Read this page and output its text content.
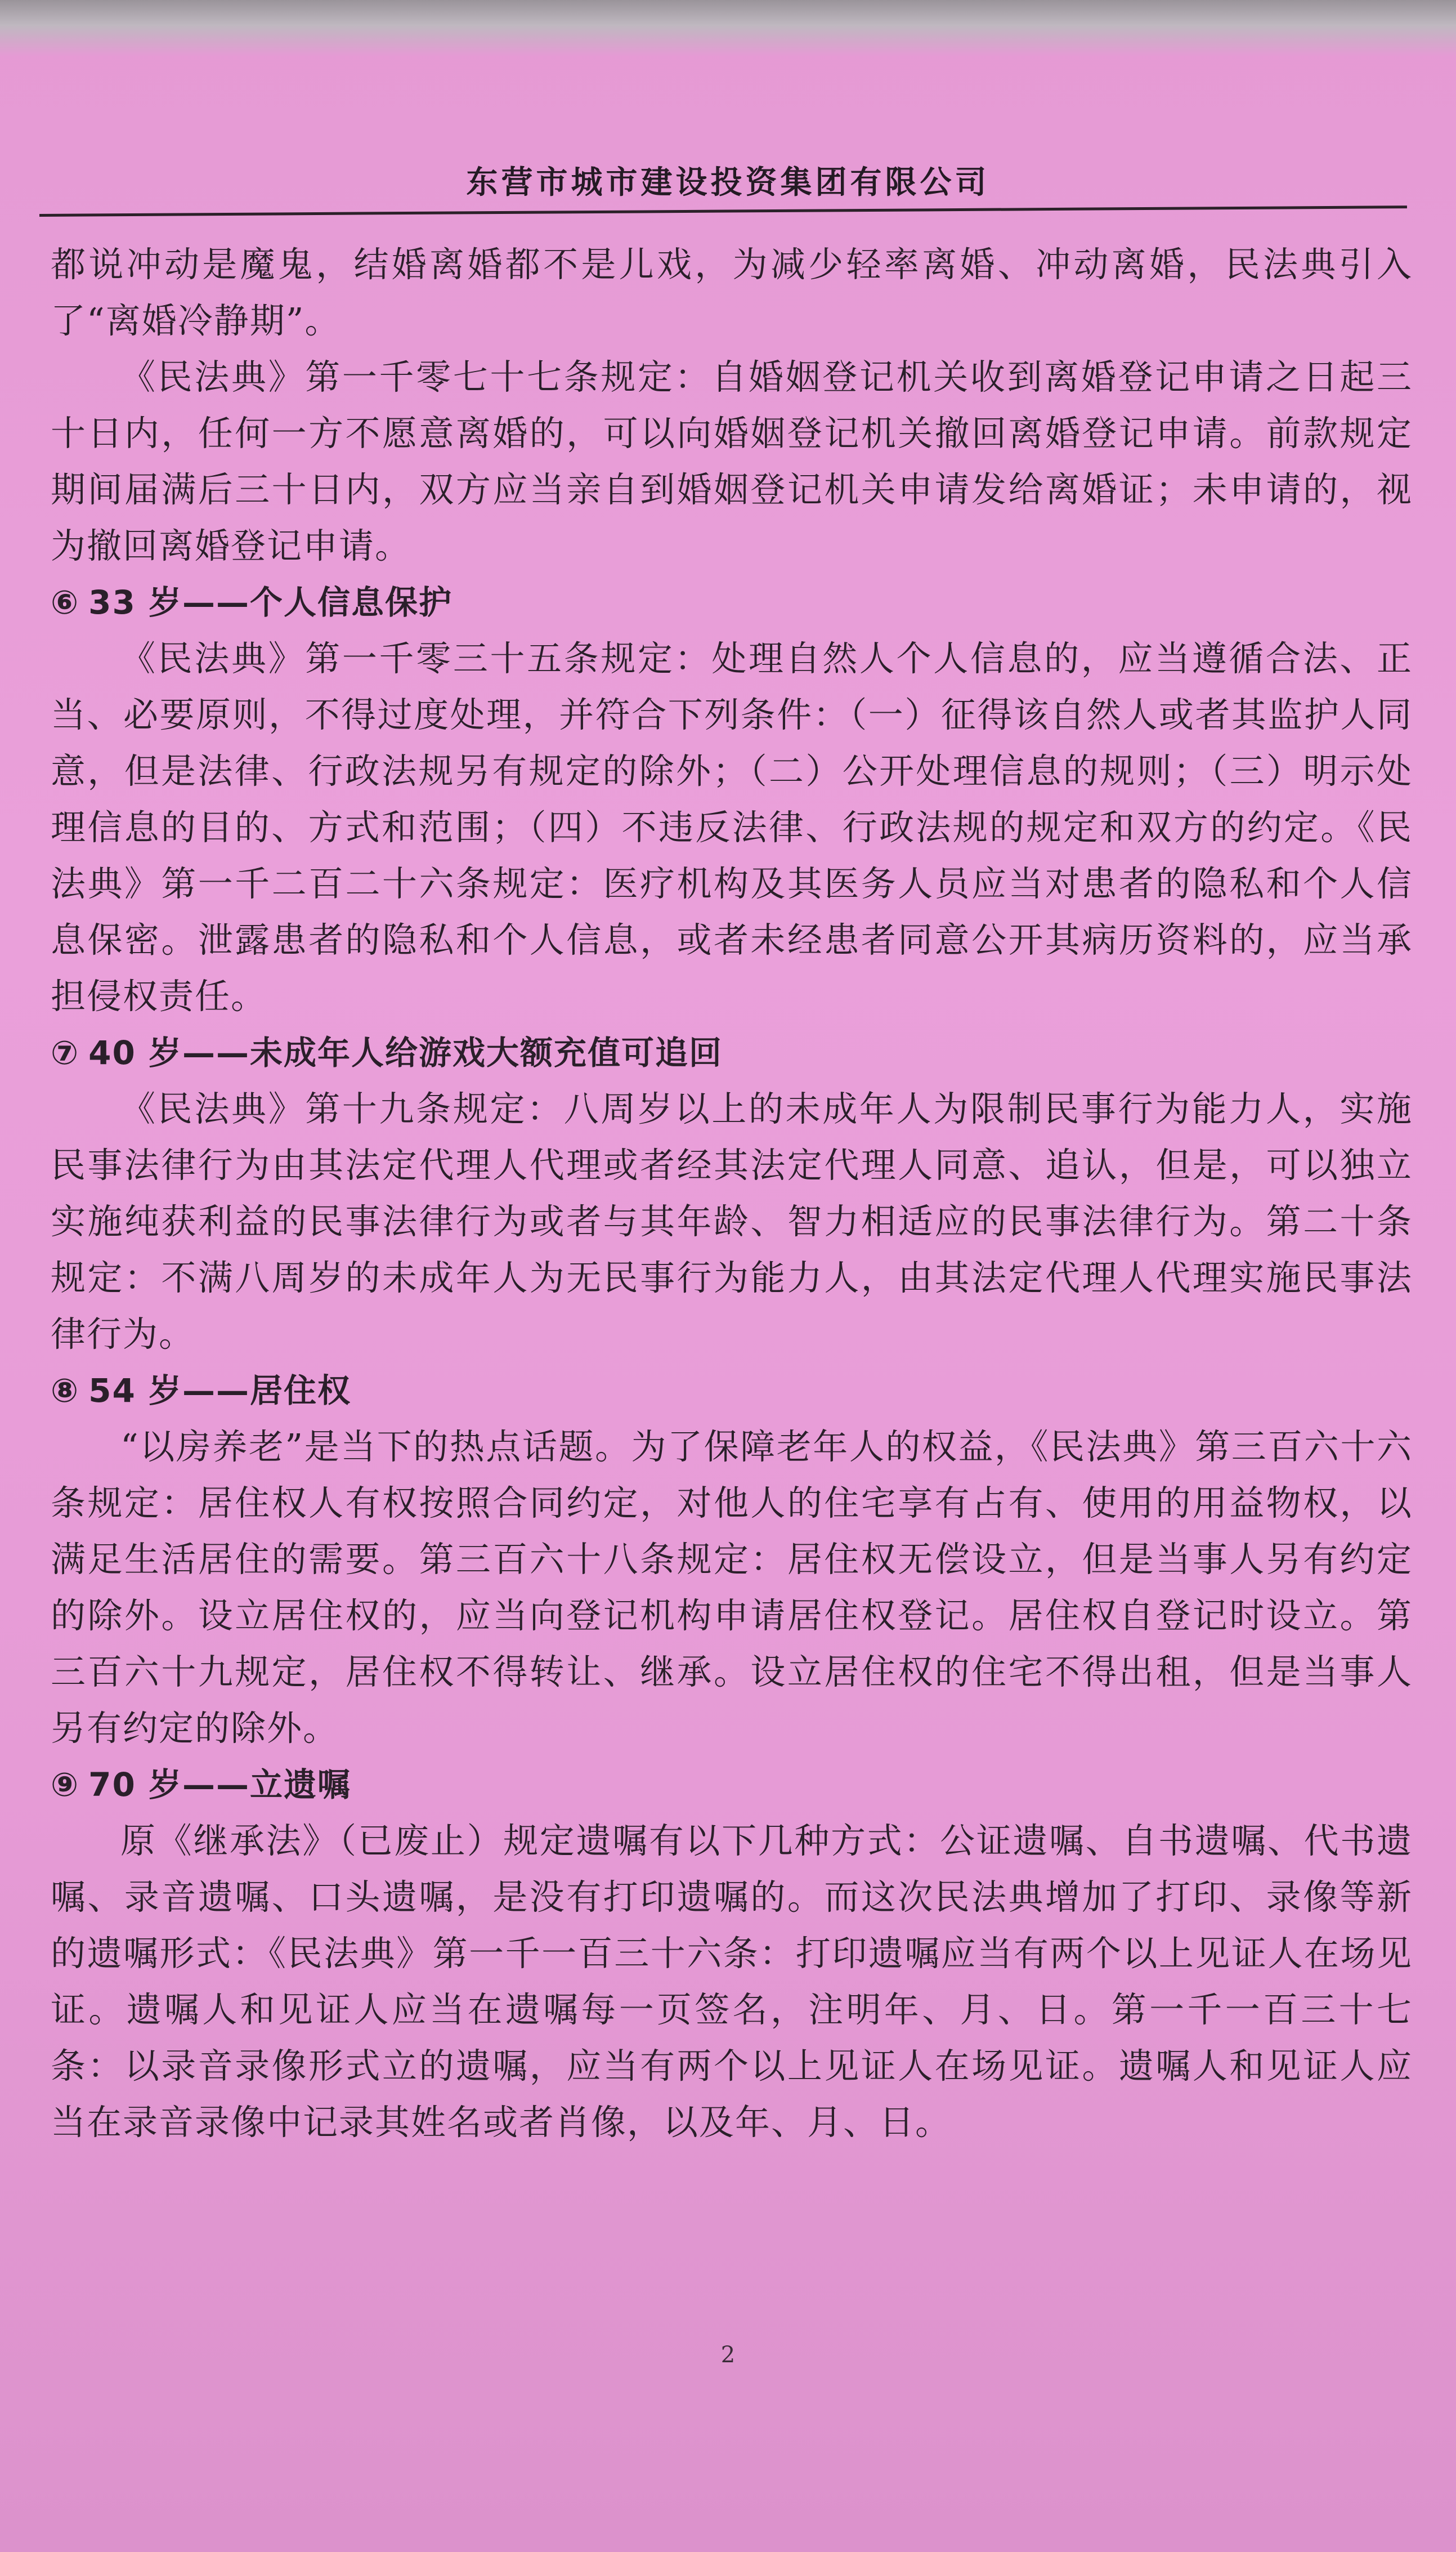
东营市城市建设投资集团有限公司

都说冲动是魔鬼，结婚离婚都不是儿戏，为减少轻率离婚、冲动离婚，民法典引入了“离婚冷静期”。

《民法典》第一千零七十七条规定：自婚姻登记机关收到离婚登记申请之日起三十日内，任何一方不愿意离婚的，可以向婚姻登记机关撤回离婚登记申请。前款规定期间届满后三十日内，双方应当亲自到婚姻登记机关申请发给离婚证；未申请的，视为撤回离婚登记申请。

⑥ 33 岁——个人信息保护

《民法典》第一千零三十五条规定：处理自然人个人信息的，应当遵循合法、正当、必要原则，不得过度处理，并符合下列条件：（一）征得该自然人或者其监护人同意，但是法律、行政法规另有规定的除外；（二）公开处理信息的规则；（三）明示处理信息的目的、方式和范围；（四）不违反法律、行政法规的规定和双方的约定。《民法典》第一千二百二十六条规定：医疗机构及其医务人员应当对患者的隐私和个人信息保密。泄露患者的隐私和个人信息，或者未经患者同意公开其病历资料的，应当承担侵权责任。

⑦ 40 岁——未成年人给游戏大额充值可追回

《民法典》第十九条规定：八周岁以上的未成年人为限制民事行为能力人，实施民事法律行为由其法定代理人代理或者经其法定代理人同意、追认，但是，可以独立实施纯获利益的民事法律行为或者与其年龄、智力相适应的民事法律行为。第二十条规定：不满八周岁的未成年人为无民事行为能力人，由其法定代理人代理实施民事法律行为。

⑧ 54 岁——居住权

“以房养老”是当下的热点话题。为了保障老年人的权益，《民法典》第三百六十六条规定：居住权人有权按照合同约定，对他人的住宅享有占有、使用的用益物权，以满足生活居住的需要。第三百六十八条规定：居住权无偿设立，但是当事人另有约定的除外。设立居住权的，应当向登记机构申请居住权登记。居住权自登记时设立。第三百六十九规定，居住权不得转让、继承。设立居住权的住宅不得出租，但是当事人另有约定的除外。

⑨ 70 岁——立遗嘱

原《继承法》（已废止）规定遗嘱有以下几种方式：公证遗嘱、自书遗嘱、代书遗嘱、录音遗嘱、口头遗嘱，是没有打印遗嘱的。而这次民法典增加了打印、录像等新的遗嘱形式：《民法典》第一千一百三十六条：打印遗嘱应当有两个以上见证人在场见证。遗嘱人和见证人应当在遗嘱每一页签名，注明年、月、日。第一千一百三十七条：以录音录像形式立的遗嘱，应当有两个以上见证人在场见证。遗嘱人和见证人应当在录音录像中记录其姓名或者肖像，以及年、月、日。

2
